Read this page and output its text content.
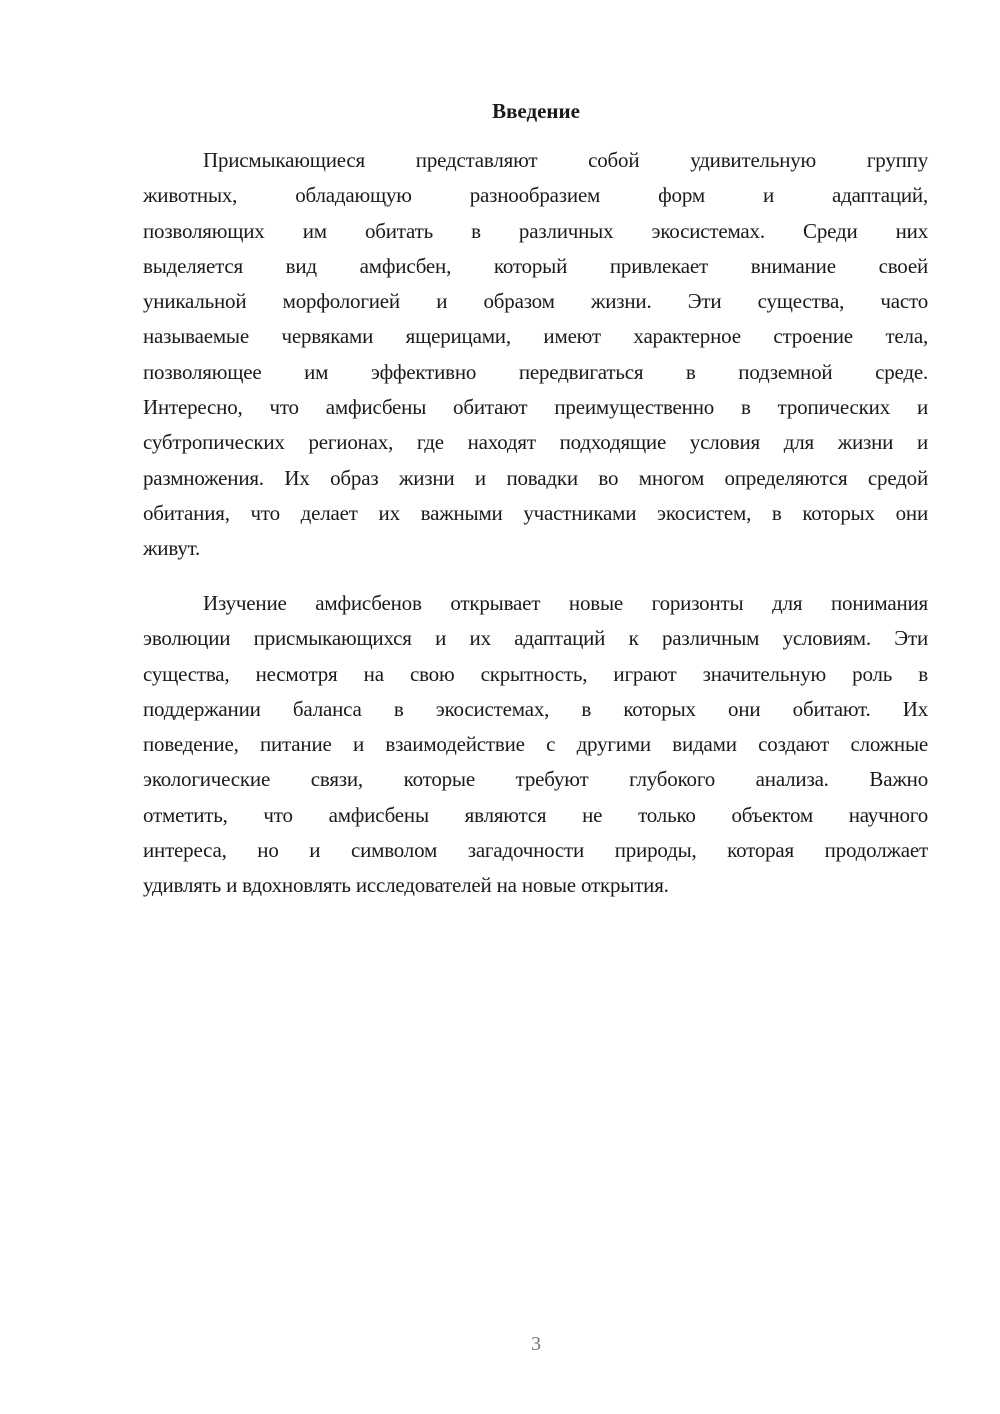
Введение
Присмыкающиеся представляют собой удивительную группу
животных, обладающую разнообразием форм и адаптаций,
позволяющих им обитать в различных экосистемах. Среди них
выделяется вид амфисбен, который привлекает внимание своей
уникальной морфологией и образом жизни. Эти существа, часто
называемые червяками ящерицами, имеют характерное строение тела,
позволяющее им эффективно передвигаться в подземной среде.
Интересно, что амфисбены обитают преимущественно в тропических и
субтропических регионах, где находят подходящие условия для жизни и
размножения. Их образ жизни и повадки во многом определяются средой
обитания, что делает их важными участниками экосистем, в которых они
живут.
Изучение амфисбенов открывает новые горизонты для понимания
эволюции присмыкающихся и их адаптаций к различным условиям. Эти
существа, несмотря на свою скрытность, играют значительную роль в
поддержании баланса в экосистемах, в которых они обитают. Их
поведение, питание и взаимодействие с другими видами создают сложные
экологические связи, которые требуют глубокого анализа. Важно
отметить, что амфисбены являются не только объектом научного
интереса, но и символом загадочности природы, которая продолжает
удивлять и вдохновлять исследователей на новые открытия.
3
